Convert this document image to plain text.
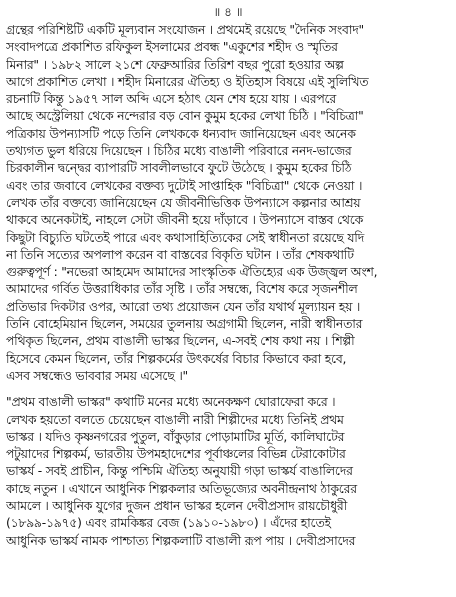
॥ ৪ ॥
গ্রন্থের পরিশিষ্টটি একটি মূল্যবান সংযোজন । প্রথমেই রয়েছে "দৈনিক সংবাদ"
সংবাদপত্রে প্রকাশিত রফিকুল ইসলামের প্রবন্ধ "একুশের শহীদ ও স্মৃতির
মিনার" । ১৯৮২ সালে ২১শে ফেব্রুআরির তিরিশ বছর পুরো হওয়ার অল্প
আগে প্রকাশিত লেখা । শহীদ মিনারের ঐতিহ্য ও ইতিহাস বিষয়ে এই সুলিখিত
রচনাটি কিন্তু ১৯৫৭ সাল অব্দি এসে হঠাৎ যেন শেষ হয়ে যায় । এরপরে
আছে অস্ট্রেলিয়া থেকে নন্দেরার বড় বোন কুমুম হকের লেখা চিঠি । "বিচিত্রা"
পত্রিকায় উপন্যাসটি পড়ে তিনি লেখককে ধন্যবাদ জানিয়েছেন এবং অনেক
তথ্যগত ভুল ধরিয়ে দিয়েছেন । চিঠির মধ্যে বাঙালী পরিবারে ননদ-ভাজের
চিরকালীন দ্বন্দ্বের ব্যাপারটি সাবলীলভাবে ফুটে উঠেছে । কুমুম হকের চিঠি
এবং তার জবাবে লেখকের বক্তব্য দুটোই সাপ্তাহিক "বিচিত্রা" থেকে নেওয়া ।
লেখক তাঁর বক্তব্যে জানিয়েছেন যে জীবনীভিত্তিক উপন্যাসে কল্পনার আশ্রয়
থাকবে অনেকটাই, নাহলে সেটা জীবনী হয়ে দাঁড়াবে । উপন্যাসে বাস্তব থেকে
কিছুটা বিচ্যুতি ঘটতেই পারে এবং কথাসাহিত্যিকের সেই স্বাধীনতা রয়েছে যদি
না তিনি সত্যের অপলাপ করেন বা বাস্তবের বিকৃতি ঘটান । তাঁর শেষকথাটি
গুরুত্বপূর্ণ : "নভেরা আহমেদ আমাদের সাংস্কৃতিক ঐতিহ্যের এক উজ্জ্বল অংশ,
আমাদের গর্বিত উত্তরাধিকার তাঁর সৃষ্টি । তাঁর সম্বন্ধে, বিশেষ করে সৃজনশীল
প্রতিভার দিকটার ওপর, আরো তথ্য প্রয়োজন যেন তাঁর যথার্থ মূল্যায়ন হয় ।
তিনি বোহেমিয়ান ছিলেন, সময়ের তুলনায় অগ্রগামী ছিলেন, নারী স্বাধীনতার
পথিকৃত ছিলেন, প্রথম বাঙালী ভাস্কর ছিলেন, এ-সবই শেষ কথা নয় । শিল্পী
হিসেবে কেমন ছিলেন, তাঁর শিল্পকর্মের উৎকর্ষের বিচার কিভাবে করা হবে,
এসব সম্বন্ধেও ভাববার সময় এসেছে ।"
"প্রথম বাঙালী ভাস্কর" কথাটি মনের মধ্যে অনেকক্ষণ ঘোরাফেরা করে ।
লেখক হয়তো বলতে চেয়েছেন বাঙালী নারী শিল্পীদের মধ্যে তিনিই প্রথম
ভাস্কর । যদিও কৃষ্ণনগরের পুতুল, বাঁকুড়ার পোড়ামাটির মূর্তি, কালিঘাটের
পটুয়াদের শিল্পকর্ম, ভারতীয় উপমহাদেশের পূর্বাঞ্চলের বিভিন্ন টেরাকোটার
ভাস্কর্য - সবই প্রাচীন, কিন্তু পশ্চিমি ঐতিহ্য অনুযায়ী গড়া ভাস্কর্য বাঙালিদের
কাছে নতুন । এখানে আধুনিক শিল্পকলার অতিভূজ্যের অবনীন্দ্রনাথ ঠাকুরের
আমলে । আধুনিক যুগের দুজন প্রধান ভাস্কর হলেন দেবীপ্রসাদ রায়চৌধুরী
(১৮৯৯-১৯৭৫) এবং রামকিঙ্কর বেজ (১৯১০-১৯৮০) । এঁদের হাতেই
আধুনিক ভাস্কর্য নামক পাশ্চাত্য শিল্পকলাটি বাঙালী রূপ পায় । দেবীপ্রসাদের
